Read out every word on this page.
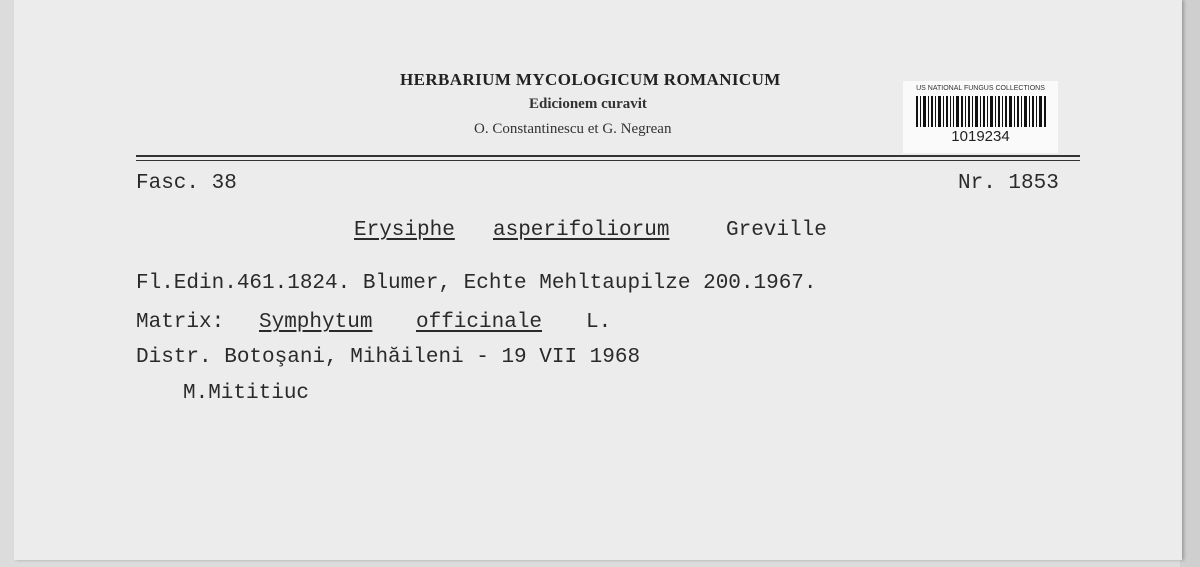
HERBARIUM MYCOLOGICUM ROMANICUM
Edicionem curavit
O. Constantinescu et G. Negrean
US NATIONAL FUNGUS COLLECTIONS
1019234
Fasc. 38	Nr. 1853
Erysiphe asperifoliorum	Greville
Fl.Edin.461.1824. Blumer, Echte Mehltaupilze 200.1967.
Matrix: Symphytum officinale L.
Distr. Botoşani, Mihăileni - 19 VII 1968
M.Mititiuc
